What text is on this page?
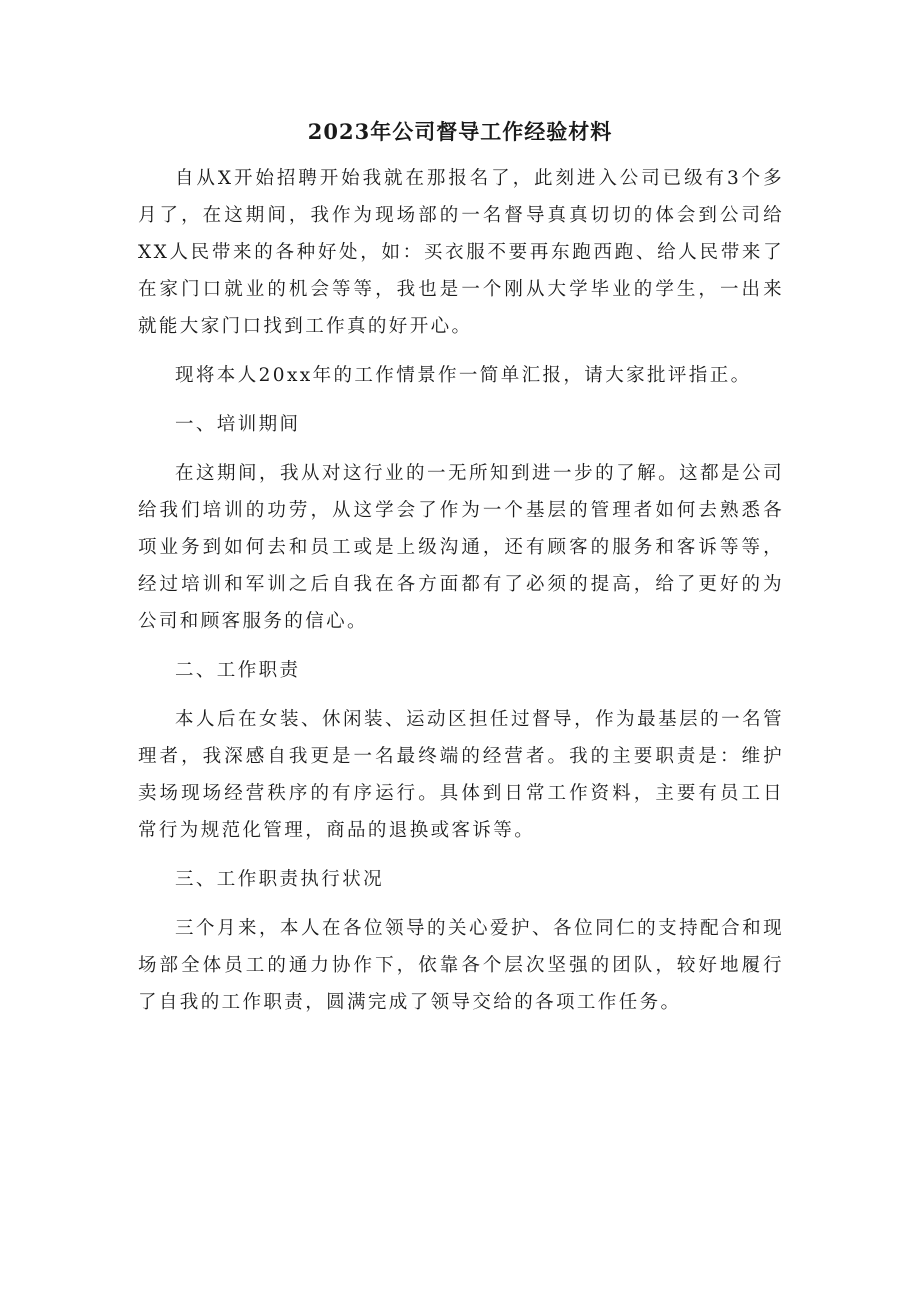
2023年公司督导工作经验材料

自从X开始招聘开始我就在那报名了，此刻进入公司已级有3个多月了，在这期间，我作为现场部的一名督导真真切切的体会到公司给XX人民带来的各种好处，如：买衣服不要再东跑西跑、给人民带来了在家门口就业的机会等等，我也是一个刚从大学毕业的学生，一出来就能大家门口找到工作真的好开心。

现将本人20xx年的工作情景作一简单汇报，请大家批评指正。

一、培训期间

在这期间，我从对这行业的一无所知到进一步的了解。这都是公司给我们培训的功劳，从这学会了作为一个基层的管理者如何去熟悉各项业务到如何去和员工或是上级沟通，还有顾客的服务和客诉等等，经过培训和军训之后自我在各方面都有了必须的提高，给了更好的为公司和顾客服务的信心。

二、工作职责

本人后在女装、休闲装、运动区担任过督导，作为最基层的一名管理者，我深感自我更是一名最终端的经营者。我的主要职责是：维护卖场现场经营秩序的有序运行。具体到日常工作资料，主要有员工日常行为规范化管理，商品的退换或客诉等。

三、工作职责执行状况

三个月来，本人在各位领导的关心爱护、各位同仁的支持配合和现场部全体员工的通力协作下，依靠各个层次坚强的团队，较好地履行了自我的工作职责，圆满完成了领导交给的各项工作任务。
